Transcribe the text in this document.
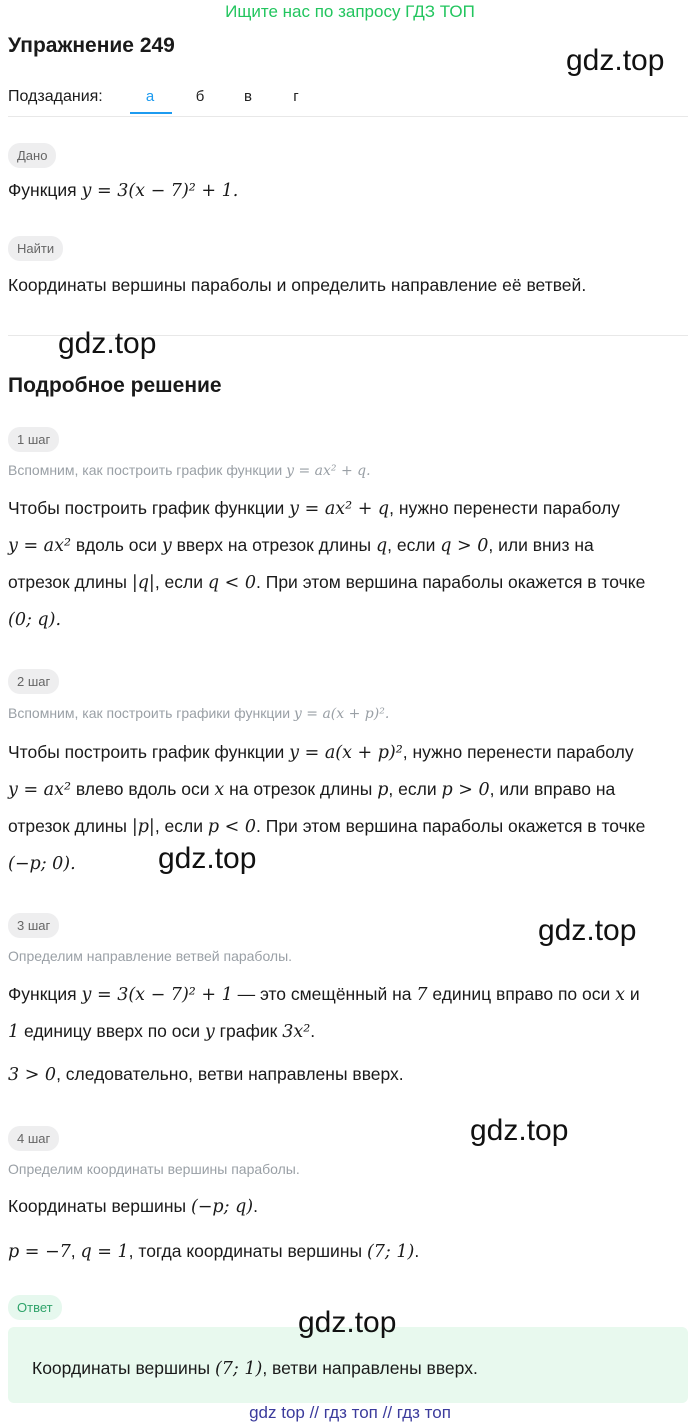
Ищите нас по запросу ГДЗ ТОП
Упражнение 249	gdz.top
Подзадания:	а	б	в	г
Дано
Функция y = 3(x − 7)² + 1.
Найти
Координаты вершины параболы и определить направление её ветвей.
gdz.top
Подробное решение
1 шаг
Вспомним, как построить график функции y = ax² + q.
Чтобы построить график функции y = ax² + q, нужно перенести параболу
y = ax² вдоль оси y вверх на отрезок длины q, если q > 0, или вниз на
отрезок длины |q|, если q < 0. При этом вершина параболы окажется в точке
(0; q).
2 шаг
Вспомним, как построить графики функции y = a(x + p)².
Чтобы построить график функции y = a(x + p)², нужно перенести параболу
y = ax² влево вдоль оси x на отрезок длины p, если p > 0, или вправо на
отрезок длины |p|, если p < 0. При этом вершина параболы окажется в точке
(−p; 0).	gdz.top
3 шаг	gdz.top
Определим направление ветвей параболы.
Функция y = 3(x − 7)² + 1 — это смещённый на 7 единиц вправо по оси x и
1 единицу вверх по оси y график 3x².
3 > 0, следовательно, ветви направлены вверх.
4 шаг	gdz.top
Определим координаты вершины параболы.
Координаты вершины (−p; q).
p = −7, q = 1, тогда координаты вершины (7; 1).
Ответ	gdz.top
Координаты вершины (7; 1), ветви направлены вверх.
gdz top // гдз топ // гдз топ
